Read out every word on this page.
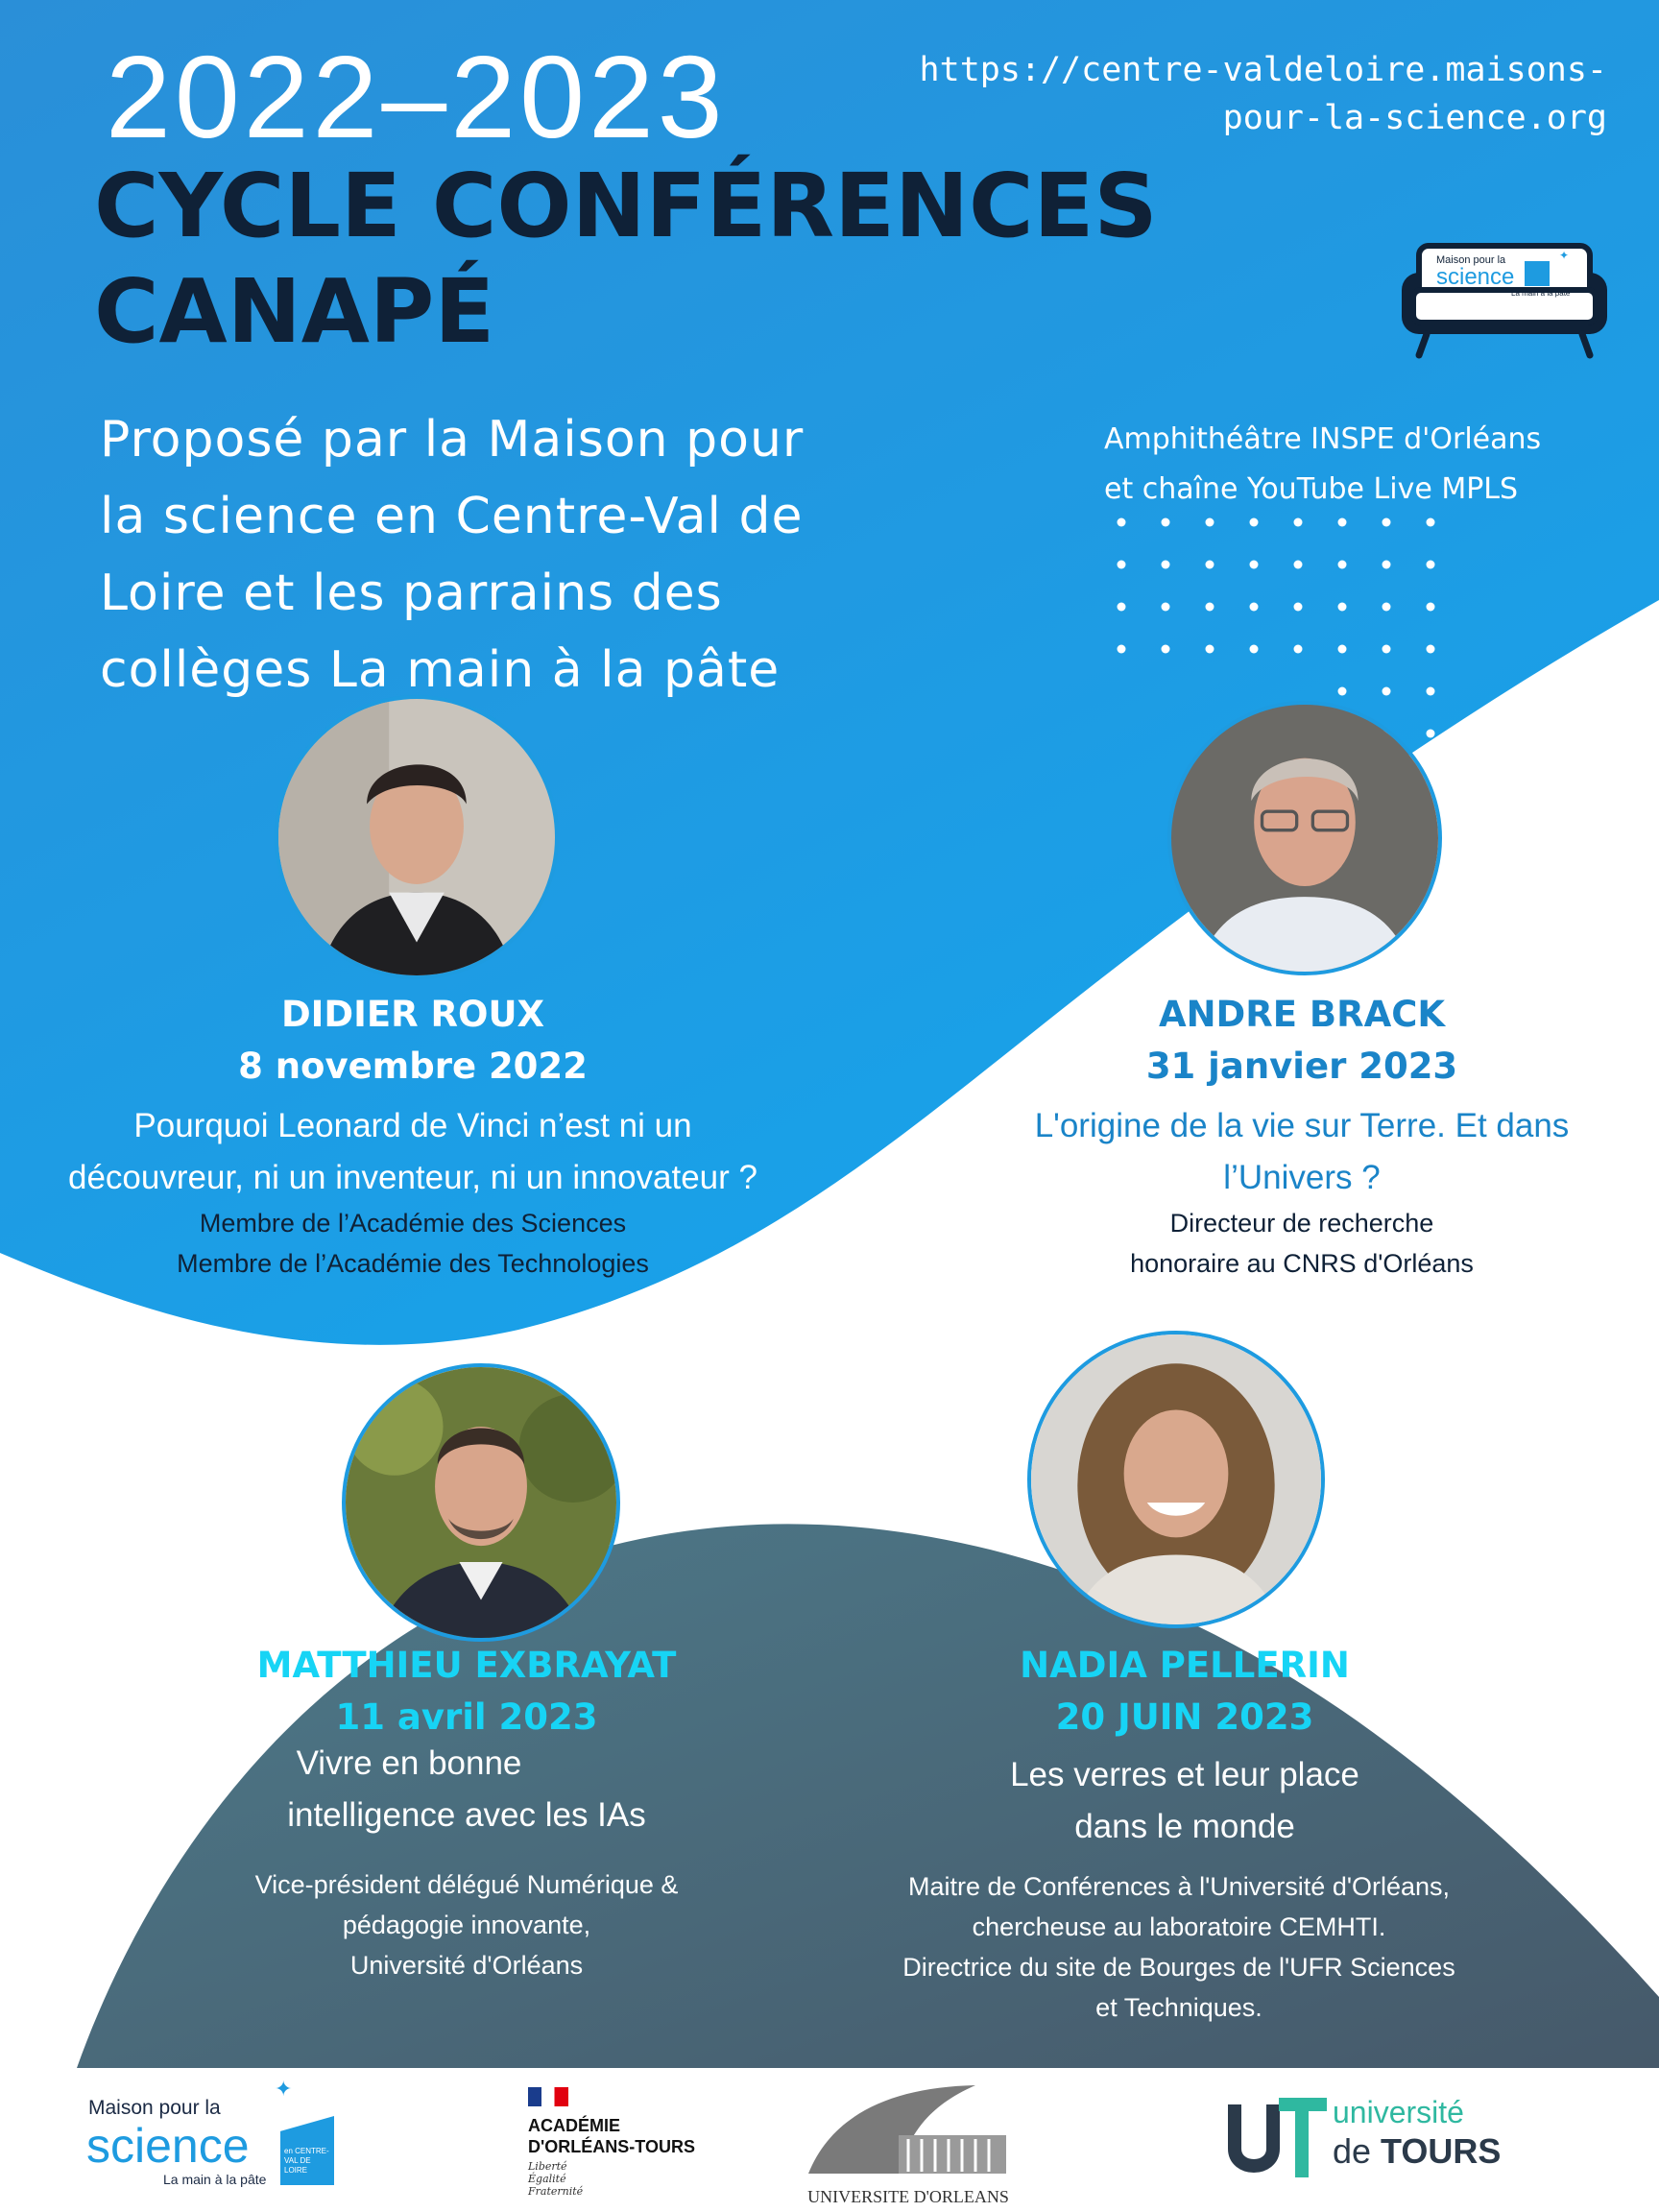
2022–2023	https://centre-valdeloire.maisons-
pour-la-science.org
CYCLE CONFÉRENCES
CANAPÉ	Maison pour la
science
La main à la pâte
✦
Proposé par la Maison pour
la science en Centre-Val de
Loire et les parrains des
collèges La main à la pâte
Amphithéâtre INSPE d'Orléans
et chaîne YouTube Live MPLS
DIDIER ROUX
8 novembre 2022
Pourquoi Leonard de Vinci n’est ni un
découvreur, ni un inventeur, ni un innovateur ?
Membre de l’Académie des Sciences
Membre de l’Académie des Technologies
ANDRE BRACK
31 janvier 2023
L'origine de la vie sur Terre. Et dans
l’Univers ?
Directeur de recherche
honoraire au CNRS d'Orléans
MATTHIEU EXBRAYAT
11 avril 2023
Vivre en bonne
intelligence avec les IAs
Vice-président délégué Numérique &
pédagogie innovante,
Université d'Orléans
NADIA PELLERIN
20 JUIN 2023
Les verres et leur place
dans le monde
Maitre de Conférences à l'Université d'Orléans,
chercheuse au laboratoire CEMHTI.
Directrice du site de Bourges de l'UFR Sciences
et Techniques.
Maison pour la
science
La main à la pâte
en CENTRE-VAL DE LOIRE
✦
ACADÉMIE
D'ORLÉANS-TOURS
Liberté
Égalité
Fraternité	UNIVERSITE D'ORLEANS
université
de TOURS
